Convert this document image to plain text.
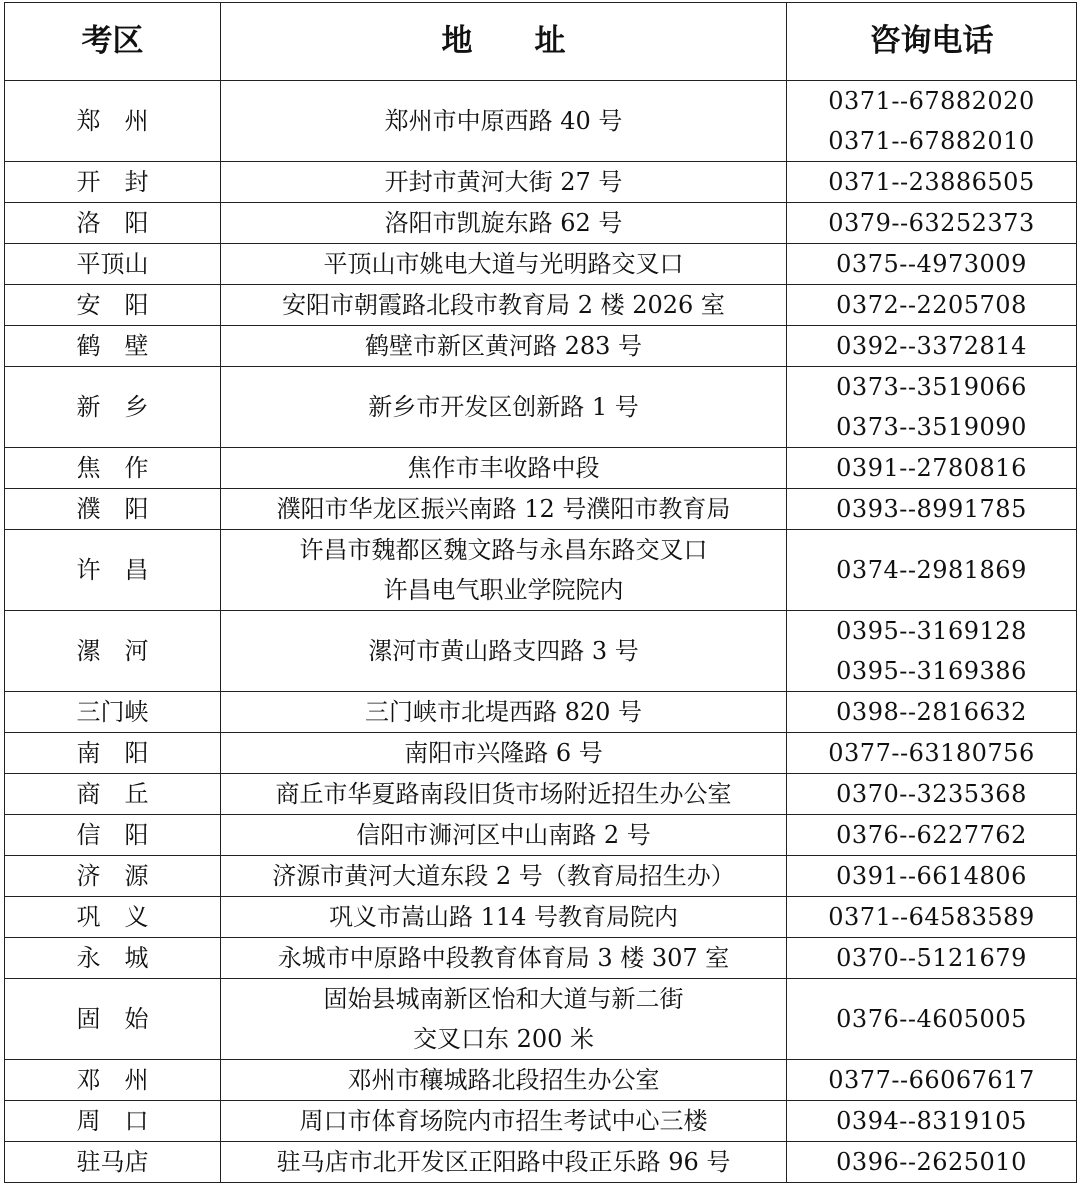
考区	地　　址	咨询电话
郑　州	郑州市中原西路 40 号	0371--67882020
0371--67882010

开　封	开封市黄河大街 27 号	0371--23886505

洛　阳	洛阳市凯旋东路 62 号	0379--63252373

平顶山	平顶山市姚电大道与光明路交叉口	0375--4973009

安　阳	安阳市朝霞路北段市教育局 2 楼 2026 室	0372--2205708

鹤　壁	鹤壁市新区黄河路 283 号	0392--3372814

新　乡	新乡市开发区创新路 1 号	0373--3519066
0373--3519090

焦　作	焦作市丰收路中段	0391--2780816

濮　阳	濮阳市华龙区振兴南路 12 号濮阳市教育局	0393--8991785

许　昌	许昌市魏都区魏文路与永昌东路交叉口
许昌电气职业学院院内	0374--2981869

漯　河	漯河市黄山路支四路 3 号	0395--3169128
0395--3169386

三门峡	三门峡市北堤西路 820 号	0398--2816632

南　阳	南阳市兴隆路 6 号	0377--63180756

商　丘	商丘市华夏路南段旧货市场附近招生办公室	0370--3235368

信　阳	信阳市浉河区中山南路 2 号	0376--6227762

济　源	济源市黄河大道东段 2 号（教育局招生办）	0391--6614806

巩　义	巩义市嵩山路 114 号教育局院内	0371--64583589

永　城	永城市中原路中段教育体育局 3 楼 307 室	0370--5121679

固　始	固始县城南新区怡和大道与新二街
交叉口东 200 米	0376--4605005

邓　州	邓州市穰城路北段招生办公室	0377--66067617

周　口	周口市体育场院内市招生考试中心三楼	0394--8319105

驻马店	驻马店市北开发区正阳路中段正乐路 96 号	0396--2625010
